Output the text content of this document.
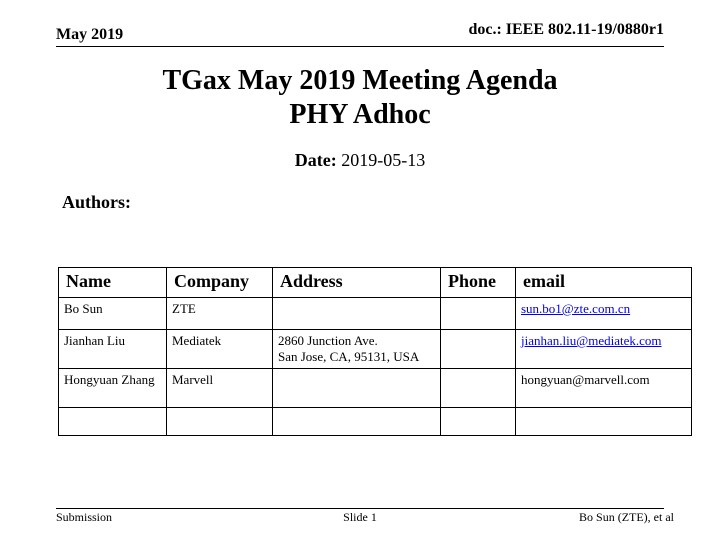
May 2019	doc.: IEEE 802.11-19/0880r1
TGax May 2019 Meeting Agenda
PHY Adhoc
Date: 2019-05-13
Authors:
Name	Company	Address	Phone	email
Bo Sun	ZTE			sun.bo1@zte.com.cn
Jianhan Liu	Mediatek	2860 Junction Ave.
San Jose, CA, 95131, USA		jianhan.liu@mediatek.com
Hongyuan Zhang	Marvell			hongyuan@marvell.com

Submission	Slide 1	Bo Sun (ZTE), et al
